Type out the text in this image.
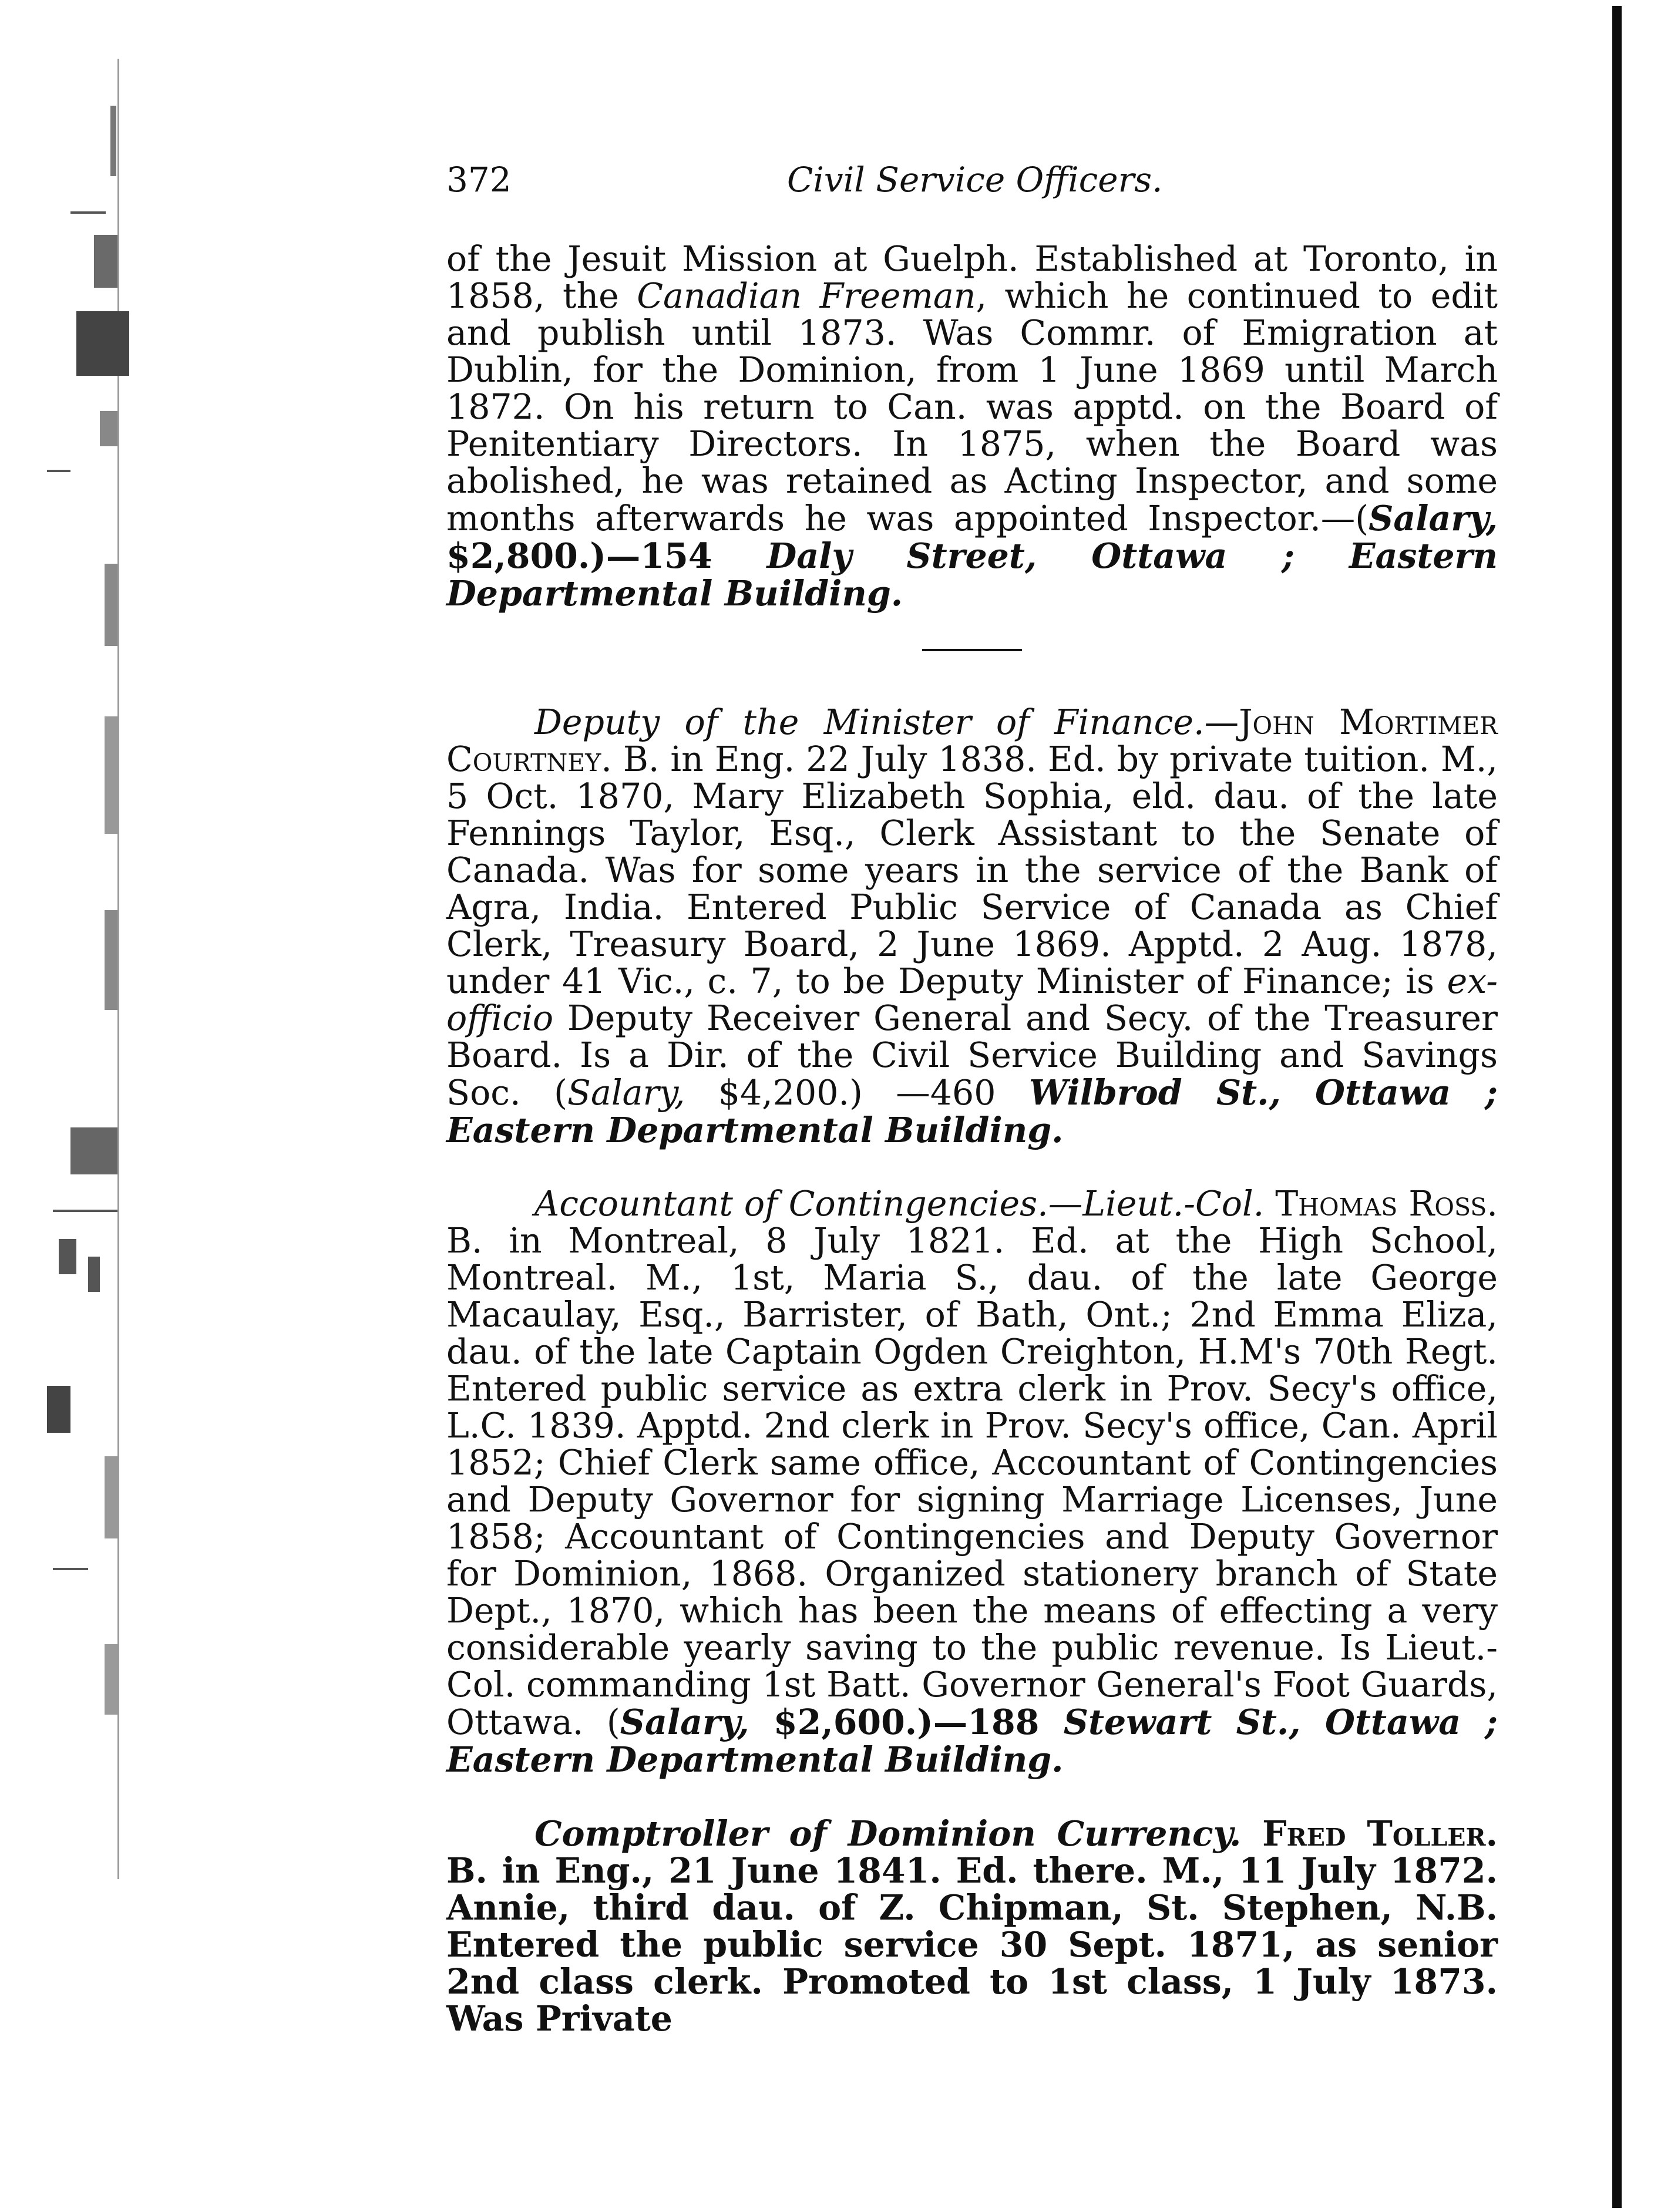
372	Civil Service Officers.

of the Jesuit Mission at Guelph. Established at Toronto, in 1858, the Canadian Freeman, which he continued to edit and publish until 1873. Was Commr. of Emigration at Dublin, for the Dominion, from 1 June 1869 until March 1872. On his return to Can. was apptd. on the Board of Penitentiary Directors. In 1875, when the Board was abolished, he was retained as Acting Inspector, and some months afterwards he was appointed Inspector.—(Salary, $2,800.)—154 Daly Street, Ottawa ; Eastern Departmental Building.

Deputy of the Minister of Finance.—John Mortimer Courtney. B. in Eng. 22 July 1838. Ed. by private tuition. M., 5 Oct. 1870, Mary Elizabeth Sophia, eld. dau. of the late Fennings Taylor, Esq., Clerk Assistant to the Senate of Canada. Was for some years in the service of the Bank of Agra, India. Entered Public Service of Canada as Chief Clerk, Treasury Board, 2 June 1869. Apptd. 2 Aug. 1878, under 41 Vic., c. 7, to be Deputy Minister of Finance; is ex-officio Deputy Receiver General and Secy. of the Treasurer Board. Is a Dir. of the Civil Service Building and Savings Soc. (Salary, $4,200.) —460 Wilbrod St., Ottawa ; Eastern Departmental Building.

Accountant of Contingencies.—Lieut.-Col. Thomas Ross. B. in Montreal, 8 July 1821. Ed. at the High School, Montreal. M., 1st, Maria S., dau. of the late George Macaulay, Esq., Barrister, of Bath, Ont.; 2nd Emma Eliza, dau. of the late Captain Ogden Creighton, H.M's 70th Regt. Entered public service as extra clerk in Prov. Secy's office, L.C. 1839. Apptd. 2nd clerk in Prov. Secy's office, Can. April 1852; Chief Clerk same office, Accountant of Contingencies and Deputy Governor for signing Marriage Licenses, June 1858; Accountant of Contingencies and Deputy Governor for Dominion, 1868. Organized stationery branch of State Dept., 1870, which has been the means of effecting a very considerable yearly saving to the public revenue. Is Lieut.-Col. commanding 1st Batt. Governor General's Foot Guards, Ottawa. (Salary, $2,600.)—188 Stewart St., Ottawa ; Eastern Departmental Building.

Comptroller of Dominion Currency. Fred Toller. B. in Eng., 21 June 1841. Ed. there. M., 11 July 1872. Annie, third dau. of Z. Chipman, St. Stephen, N.B. Entered the public service 30 Sept. 1871, as senior 2nd class clerk. Promoted to 1st class, 1 July 1873. Was Private
